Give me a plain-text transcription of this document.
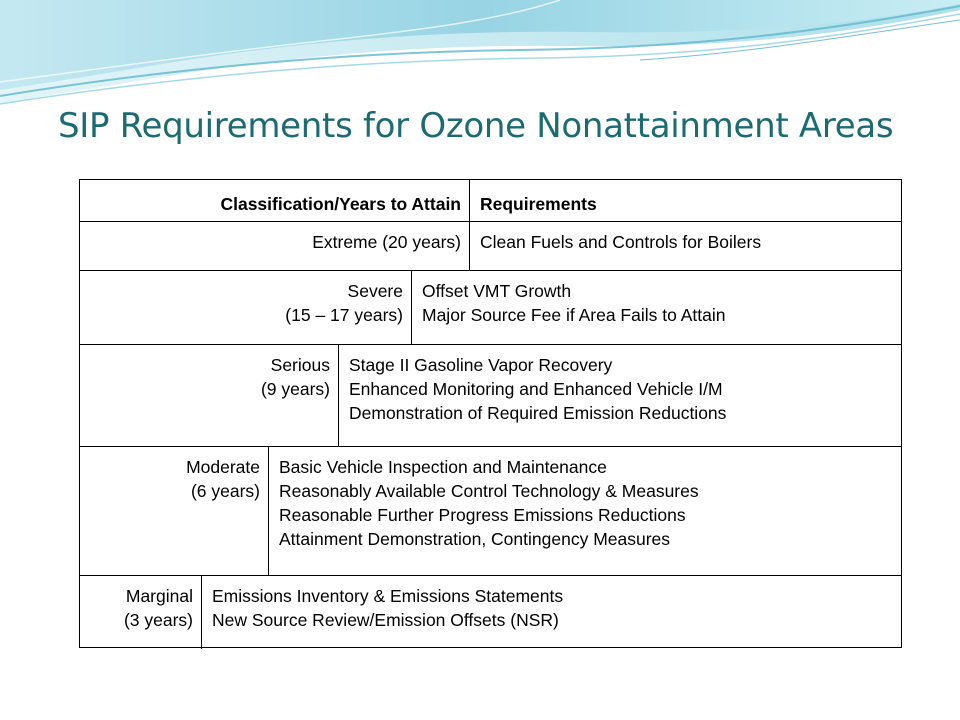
SIP Requirements for Ozone Nonattainment Areas
Classification/Years to Attain	Requirements
Extreme (20 years) Clean Fuels and Controls for Boilers
Severe
(15 – 17 years)
Offset VMT Growth
Major Source Fee if Area Fails to Attain
Serious
(9 years)
Stage II Gasoline Vapor Recovery
Enhanced Monitoring and Enhanced Vehicle I/M
Demonstration of Required Emission Reductions
Moderate
(6 years)
Basic Vehicle Inspection and Maintenance
Reasonably Available Control Technology & Measures
Reasonable Further Progress Emissions Reductions
Attainment Demonstration, Contingency Measures
Marginal
(3 years)
Emissions Inventory & Emissions Statements
New Source Review/Emission Offsets (NSR)
